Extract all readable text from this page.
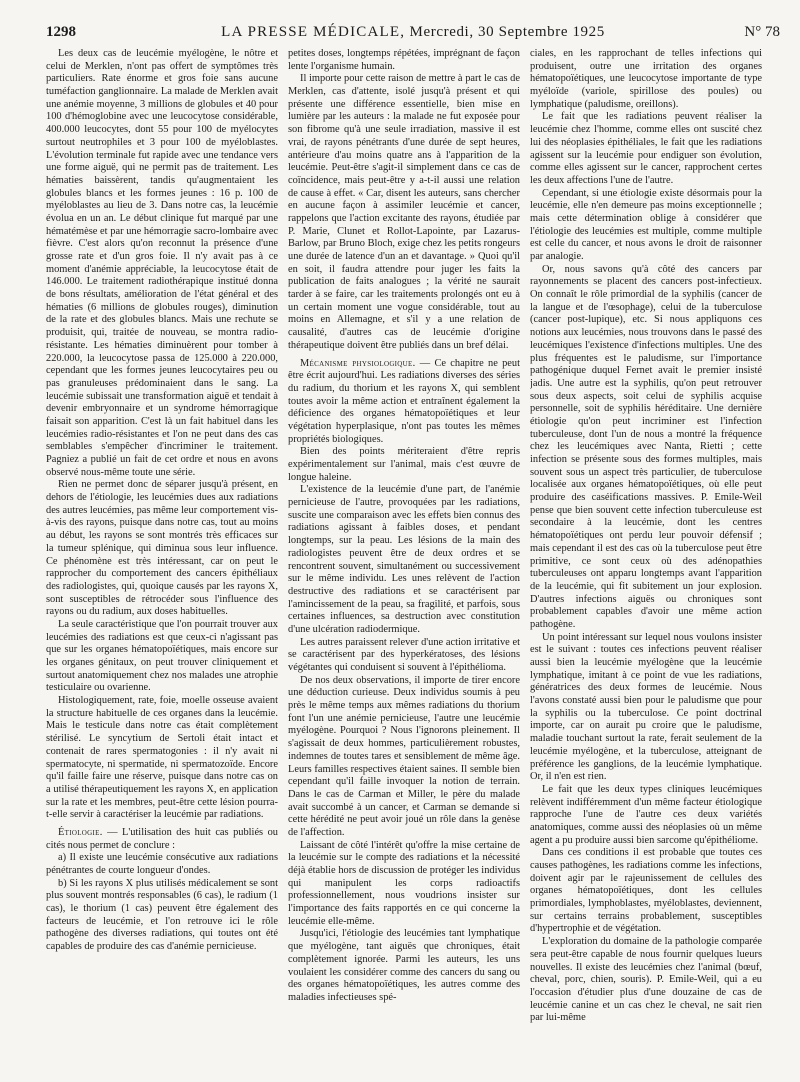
1298	LA PRESSE MÉDICALE, Mercredi, 30 Septembre 1925	N° 78

Les deux cas de leucémie myélogène, le nôtre et celui de Merklen, n'ont pas offert de symptômes très particuliers. Rate énorme et gros foie sans aucune tuméfaction ganglionnaire. La malade de Merklen avait une anémie moyenne, 3 millions de globules et 40 pour 100 d'hémoglobine avec une leucocytose considérable, 400.000 leucocytes, dont 55 pour 100 de myélocytes surtout neutrophiles et 3 pour 100 de myéloblastes. L'évolution terminale fut rapide avec une tendance vers une forme aiguë, qui ne permit pas de traitement. Les hématies baissèrent, tandis qu'augmentaient les globules blancs et les formes jeunes : 16 p. 100 de myéloblastes au lieu de 3. Dans notre cas, la leucémie évolua en un an. Le début clinique fut marqué par une hématémèse et par une hémorragie sacro-lombaire avec fièvre. C'est alors qu'on reconnut la présence d'une grosse rate et d'un gros foie. Il n'y avait pas à ce moment d'anémie appréciable, la leucocytose était de 146.000. Le traitement radiothérapique institué donna de bons résultats, amélioration de l'état général et des hématies (6 millions de globules rouges), diminution de la rate et des globules blancs. Mais une rechute se produisit, qui, traitée de nouveau, se montra radio-résistante. Les hématies diminuèrent pour tomber à 220.000, la leucocytose passa de 125.000 à 220.000, cependant que les formes jeunes leucocytaires peu ou pas granuleuses prédominaient dans le sang. La leucémie subissait une transformation aiguë et tendait à devenir embryonnaire et un syndrome hémorragique faisait son apparition. C'est là un fait habituel dans les leucémies radio-résistantes et l'on ne peut dans des cas semblables s'empêcher d'incriminer le traitement. Pagniez a publié un fait de cet ordre et nous en avons observé nous-même toute une série.

Rien ne permet donc de séparer jusqu'à présent, en dehors de l'étiologie, les leucémies dues aux radiations des autres leucémies, pas même leur comportement vis-à-vis des rayons, puisque dans notre cas, tout au moins au début, les rayons se sont montrés très efficaces sur la tumeur splénique, qui diminua sous leur influence. Ce phénomène est très intéressant, car on peut le rapprocher du comportement des cancers épithéliaux des radiologistes, qui, quoique causés par les rayons X, sont susceptibles de rétrocéder sous l'influence des rayons ou du radium, aux doses habituelles.

La seule caractéristique que l'on pourrait trouver aux leucémies des radiations est que ceux-ci n'agissant pas que sur les organes hématopoïétiques, mais encore sur les organes génitaux, on peut trouver cliniquement et surtout anatomiquement chez nos malades une atrophie testiculaire ou ovarienne.

Histologiquement, rate, foie, moelle osseuse avaient la structure habituelle de ces organes dans la leucémie. Mais le testicule dans notre cas était complètement stérilisé. Le syncytium de Sertoli était intact et contenait de rares spermatogonies : il n'y avait ni spermatocyte, ni spermatide, ni spermatozoïde. Encore qu'il faille faire une réserve, puisque dans notre cas on a utilisé thérapeutiquement les rayons X, en application sur la rate et les membres, peut-être cette lésion pourra-t-elle servir à caractériser la leucémie par radiations.

Étiologie. — L'utilisation des huit cas publiés ou cités nous permet de conclure :

a) Il existe une leucémie consécutive aux radiations pénétrantes de courte longueur d'ondes.

b) Si les rayons X plus utilisés médicalement se sont plus souvent montrés responsables (6 cas), le radium (1 cas), le thorium (1 cas) peuvent être également des facteurs de leucémie, et l'on retrouve ici le rôle pathogène des diverses radiations, qui toutes ont été capables de produire des cas d'anémie pernicieuse.

petites doses, longtemps répétées, imprégnant de façon lente l'organisme humain.

Il importe pour cette raison de mettre à part le cas de Merklen, cas d'attente, isolé jusqu'à présent et qui présente une différence essentielle, bien mise en lumière par les auteurs : la malade ne fut exposée pour son fibrome qu'à une seule irradiation, massive il est vrai, de rayons pénétrants d'une durée de sept heures, antérieure d'au moins quatre ans à l'apparition de la leucémie. Peut-être s'agit-il simplement dans ce cas de coïncidence, mais peut-être y a-t-il aussi une relation de cause à effet. « Car, disent les auteurs, sans chercher en aucune façon à assimiler leucémie et cancer, rappelons que l'action excitante des rayons, étudiée par P. Marie, Clunet et Rollot-Lapointe, par Lazarus-Barlow, par Bruno Bloch, exige chez les petits rongeurs une durée de latence d'un an et davantage. » Quoi qu'il en soit, il faudra attendre pour juger les faits la publication de faits analogues ; la vérité ne saurait tarder à se faire, car les traitements prolongés ont eu à un certain moment une vogue considérable, tout au moins en Allemagne, et s'il y a une relation de causalité, d'autres cas de leucémie d'origine thérapeutique doivent être publiés dans un bref délai.

Mécanisme physiologique. — Ce chapitre ne peut être écrit aujourd'hui. Les radiations diverses des séries du radium, du thorium et les rayons X, qui semblent toutes avoir la même action et entraînent également la déficience des organes hématopoïétiques et leur végétation hyperplasique, n'ont pas toutes les mêmes propriétés biologiques.

Bien des points mériteraient d'être repris expérimentalement sur l'animal, mais c'est œuvre de longue haleine.

L'existence de la leucémie d'une part, de l'anémie pernicieuse de l'autre, provoquées par les radiations, suscite une comparaison avec les effets bien connus des radiations agissant à faibles doses, et pendant longtemps, sur la peau. Les lésions de la main des radiologistes peuvent être de deux ordres et se rencontrent souvent, simultanément ou successivement sur le même individu. Les unes relèvent de l'action destructive des radiations et se caractérisent par l'amincissement de la peau, sa fragilité, et parfois, sous certaines influences, sa destruction avec constitution d'une ulcération radiodermique.

Les autres paraissent relever d'une action irritative et se caractérisent par des hyperkératoses, des lésions végétantes qui conduisent si souvent à l'épithélioma.

De nos deux observations, il importe de tirer encore une déduction curieuse. Deux individus soumis à peu près le même temps aux mêmes radiations du thorium font l'un une anémie pernicieuse, l'autre une leucémie myélogène. Pourquoi ? Nous l'ignorons pleinement. Il s'agissait de deux hommes, particulièrement robustes, indemnes de toutes tares et sensiblement de même âge. Leurs familles respectives étaient saines. Il semble bien cependant qu'il faille invoquer la notion de terrain. Dans le cas de Carman et Miller, le père du malade avait succombé à un cancer, et Carman se demande si cette hérédité ne peut avoir joué un rôle dans la genèse de l'affection.

Laissant de côté l'intérêt qu'offre la mise certaine de la leucémie sur le compte des radiations et la nécessité déjà établie hors de discussion de protéger les individus qui manipulent les corps radioactifs professionnellement, nous voudrions insister sur l'importance des faits rapportés en ce qui concerne la leucémie elle-même.

Jusqu'ici, l'étiologie des leucémies tant lymphatique que myélogène, tant aiguës que chroniques, était complètement ignorée. Parmi les auteurs, les uns voulaient les considérer comme des cancers du sang ou des organes hématopoïétiques, les autres comme des maladies infectieuses spé-

ciales, en les rapprochant de telles infections qui produisent, outre une irritation des organes hématopoïétiques, une leucocytose importante de type myéloïde (variole, spirillose des poules) ou lymphatique (paludisme, oreillons).

Le fait que les radiations peuvent réaliser la leucémie chez l'homme, comme elles ont suscité chez lui des néoplasies épithéliales, le fait que les radiations agissent sur la leucémie pour endiguer son évolution, comme elles agissent sur le cancer, rapprochent certes les deux affections l'une de l'autre.

Cependant, si une étiologie existe désormais pour la leucémie, elle n'en demeure pas moins exceptionnelle ; mais cette détermination oblige à considérer que l'étiologie des leucémies est multiple, comme multiple est celle du cancer, et nous avons le droit de raisonner par analogie.

Or, nous savons qu'à côté des cancers par rayonnements se placent des cancers post-infectieux. On connaît le rôle primordial de la syphilis (cancer de la langue et de l'œsophage), celui de la tuberculose (cancer post-lupique), etc. Si nous appliquons ces notions aux leucémies, nous trouvons dans le passé des leucémiques l'existence d'infections multiples. Une des plus fréquentes est le paludisme, sur l'importance pathogénique duquel Fernet avait le premier insisté jadis. Une autre est la syphilis, qu'on peut retrouver sous deux aspects, soit celui de syphilis acquise personnelle, soit de syphilis héréditaire. Une dernière étiologie qu'on peut incriminer est l'infection tuberculeuse, dont l'un de nous a montré la fréquence chez les leucémiques avec Nanta, Rietti ; cette infection se présente sous des formes multiples, mais souvent sous un aspect très particulier, de tuberculose localisée aux organes hématopoïétiques, où elle peut produire des caséifications massives. P. Emile-Weil pense que bien souvent cette infection tuberculeuse est secondaire à la leucémie, dont les centres hématopoïétiques ont perdu leur pouvoir défensif ; mais cependant il est des cas où la tuberculose peut être primitive, ce sont ceux où des adénopathies tuberculeuses ont apparu longtemps avant l'apparition de la leucémie, qui fit subitement un jour explosion. D'autres infections aiguës ou chroniques sont probablement capables d'avoir une même action pathogène.

Un point intéressant sur lequel nous voulons insister est le suivant : toutes ces infections peuvent réaliser aussi bien la leucémie myélogène que la leucémie lymphatique, imitant à ce point de vue les radiations, génératrices des deux formes de leucémie. Nous l'avons constaté aussi bien pour le paludisme que pour la syphilis ou la tuberculose. Ce point doctrinal importe, car on aurait pu croire que le paludisme, maladie touchant surtout la rate, ferait seulement de la leucémie myélogène, et la tuberculose, atteignant de préférence les ganglions, de la leucémie lymphatique. Or, il n'en est rien.

Le fait que les deux types cliniques leucémiques relèvent indifféremment d'un même facteur étiologique rapproche l'une de l'autre ces deux variétés anatomiques, comme aussi des néoplasies où un même agent a pu produire aussi bien sarcome qu'épithéliome.

Dans ces conditions il est probable que toutes ces causes pathogènes, les radiations comme les infections, doivent agir par le rajeunissement de cellules des organes hématopoïétiques, dont les cellules primordiales, lymphoblastes, myéloblastes, deviennent, sur certains terrains probablement, susceptibles d'hypertrophie et de végétation.

L'exploration du domaine de la pathologie comparée sera peut-être capable de nous fournir quelques lueurs nouvelles. Il existe des leucémies chez l'animal (bœuf, cheval, porc, chien, souris). P. Emile-Weil, qui a eu l'occasion d'étudier plus d'une douzaine de cas de leucémie canine et un cas chez le cheval, ne sait rien par lui-même
